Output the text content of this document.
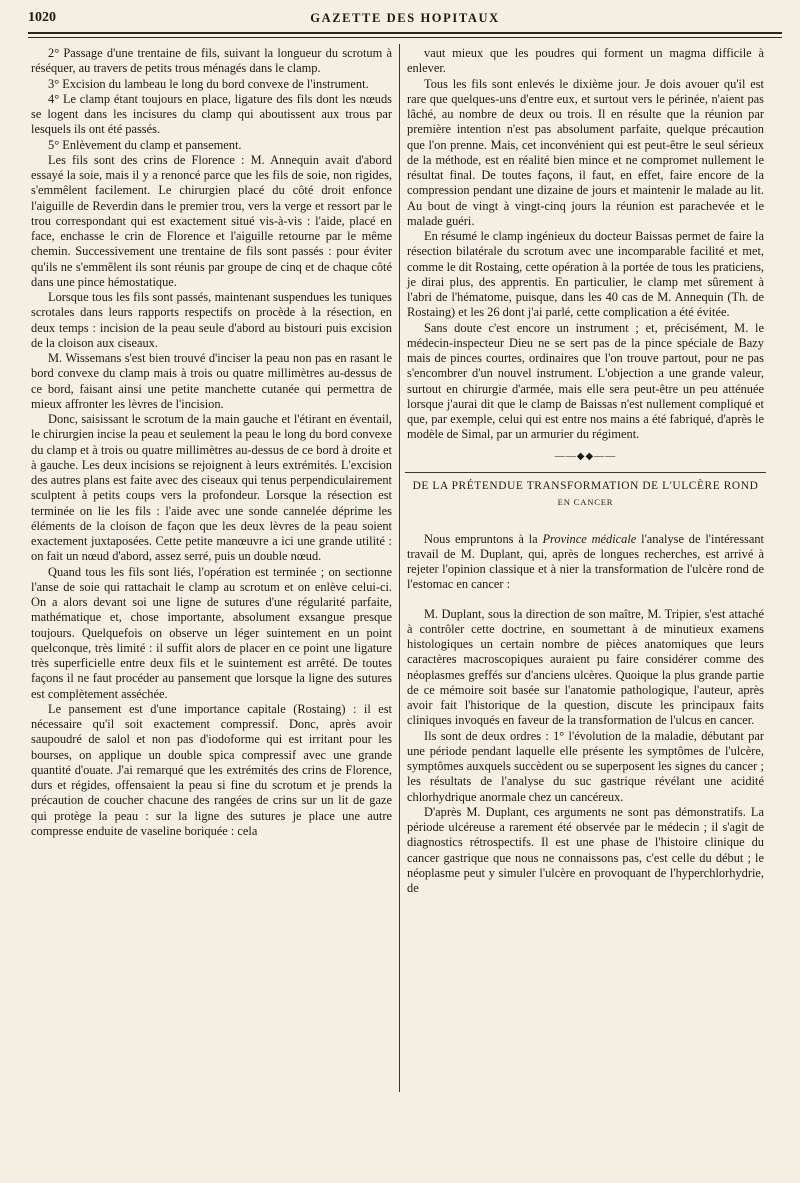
1020	GAZETTE DES HOPITAUX

2° Passage d'une trentaine de fils, suivant la longueur du scrotum à réséquer, au travers de petits trous ménagés dans le clamp.

3° Excision du lambeau le long du bord convexe de l'instrument.

4° Le clamp étant toujours en place, ligature des fils dont les nœuds se logent dans les incisures du clamp qui aboutissent aux trous par lesquels ils ont été passés.

5° Enlèvement du clamp et pansement.

Les fils sont des crins de Florence : M. Annequin avait d'abord essayé la soie, mais il y a renoncé parce que les fils de soie, non rigides, s'emmêlent facilement. Le chirurgien placé du côté droit enfonce l'aiguille de Reverdin dans le premier trou, vers la verge et ressort par le trou correspondant qui est exactement situé vis-à-vis : l'aide, placé en face, enchasse le crin de Florence et l'aiguille retourne par le même chemin. Successivement une trentaine de fils sont passés : pour éviter qu'ils ne s'emmêlent ils sont réunis par groupe de cinq et de chaque côté dans une pince hémostatique.

Lorsque tous les fils sont passés, maintenant suspendues les tuniques scrotales dans leurs rapports respectifs on procède à la résection, en deux temps : incision de la peau seule d'abord au bistouri puis excision de la cloison aux ciseaux.

M. Wissemans s'est bien trouvé d'inciser la peau non pas en rasant le bord convexe du clamp mais à trois ou quatre millimètres au-dessus de ce bord, faisant ainsi une petite manchette cutanée qui permettra de mieux affronter les lèvres de l'incision.

Donc, saisissant le scrotum de la main gauche et l'étirant en éventail, le chirurgien incise la peau et seulement la peau le long du bord convexe du clamp et à trois ou quatre millimètres au-dessus de ce bord à droite et à gauche. Les deux incisions se rejoignent à leurs extrémités. L'excision des autres plans est faite avec des ciseaux qui tenus perpendiculairement sculptent à petits coups vers la profondeur. Lorsque la résection est terminée on lie les fils : l'aide avec une sonde cannelée déprime les éléments de la cloison de façon que les deux lèvres de la peau soient exactement juxtaposées. Cette petite manœuvre a ici une grande utilité : on fait un nœud d'abord, assez serré, puis un double nœud.

Quand tous les fils sont liés, l'opération est terminée ; on sectionne l'anse de soie qui rattachait le clamp au scrotum et on enlève celui-ci. On a alors devant soi une ligne de sutures d'une régularité parfaite, mathématique et, chose importante, absolument exsangue presque toujours. Quelquefois on observe un léger suintement en un point quelconque, très limité : il suffit alors de placer en ce point une ligature très superficielle entre deux fils et le suintement est arrêté. De toutes façons il ne faut procéder au pansement que lorsque la ligne des sutures est complètement asséchée.

Le pansement est d'une importance capitale (Rostaing) : il est nécessaire qu'il soit exactement compressif. Donc, après avoir saupoudré de salol et non pas d'iodoforme qui est irritant pour les bourses, on applique un double spica compressif avec une grande quantité d'ouate. J'ai remarqué que les extrémités des crins de Florence, durs et régides, offensaient la peau si fine du scrotum et je prends la précaution de coucher chacune des rangées de crins sur un lit de gaze qui protège la peau : sur la ligne des sutures je place une autre compresse enduite de vaseline boriquée : cela

vaut mieux que les poudres qui forment un magma difficile à enlever.

Tous les fils sont enlevés le dixième jour. Je dois avouer qu'il est rare que quelques-uns d'entre eux, et surtout vers le périnée, n'aient pas lâché, au nombre de deux ou trois. Il en résulte que la réunion par première intention n'est pas absolument parfaite, quelque précaution que l'on prenne. Mais, cet inconvénient qui est peut-être le seul sérieux de la méthode, est en réalité bien mince et ne compromet nullement le résultat final. De toutes façons, il faut, en effet, faire encore de la compression pendant une dizaine de jours et maintenir le malade au lit. Au bout de vingt à vingt-cinq jours la réunion est parachevée et le malade guéri.

En résumé le clamp ingénieux du docteur Baissas permet de faire la résection bilatérale du scrotum avec une incomparable facilité et met, comme le dit Rostaing, cette opération à la portée de tous les praticiens, je dirai plus, des apprentis. En particulier, le clamp met sûrement à l'abri de l'hématome, puisque, dans les 40 cas de M. Annequin (Th. de Rostaing) et les 26 dont j'ai parlé, cette complication a été évitée.

Sans doute c'est encore un instrument ; et, précisément, M. le médecin-inspecteur Dieu ne se sert pas de la pince spéciale de Bazy mais de pinces courtes, ordinaires que l'on trouve partout, pour ne pas s'encombrer d'un nouvel instrument. L'objection a une grande valeur, surtout en chirurgie d'armée, mais elle sera peut-être un peu atténuée lorsque j'aurai dit que le clamp de Baissas n'est nullement compliqué et que, par exemple, celui qui est entre nos mains a été fabriqué, d'après le modèle de Simal, par un armurier du régiment.

——◆◆——
DE LA PRÉTENDUE TRANSFORMATION DE L'ULCÈRE ROND
EN CANCER

Nous empruntons à la Province médicale l'analyse de l'intéressant travail de M. Duplant, qui, après de longues recherches, est arrivé à rejeter l'opinion classique et à nier la transformation de l'ulcère rond de l'estomac en cancer :

M. Duplant, sous la direction de son maître, M. Tripier, s'est attaché à contrôler cette doctrine, en soumettant à de minutieux examens histologiques un certain nombre de pièces anatomiques que leurs caractères macroscopiques auraient pu faire considérer comme des néoplasmes greffés sur d'anciens ulcères. Quoique la plus grande partie de ce mémoire soit basée sur l'anatomie pathologique, l'auteur, après avoir fait l'historique de la question, discute les principaux faits cliniques invoqués en faveur de la transformation de l'ulcus en cancer.

Ils sont de deux ordres : 1° l'évolution de la maladie, débutant par une période pendant laquelle elle présente les symptômes de l'ulcère, symptômes auxquels succèdent ou se superposent les signes du cancer ; les résultats de l'analyse du suc gastrique révélant une acidité chlorhydrique anormale chez un cancéreux.

D'après M. Duplant, ces arguments ne sont pas démonstratifs. La période ulcéreuse a rarement été observée par le médecin ; il s'agit de diagnostics rétrospectifs. Il est une phase de l'histoire clinique du cancer gastrique que nous ne connaissons pas, c'est celle du début ; le néoplasme peut y simuler l'ulcère en provoquant de l'hyperchlorhydrie, de
